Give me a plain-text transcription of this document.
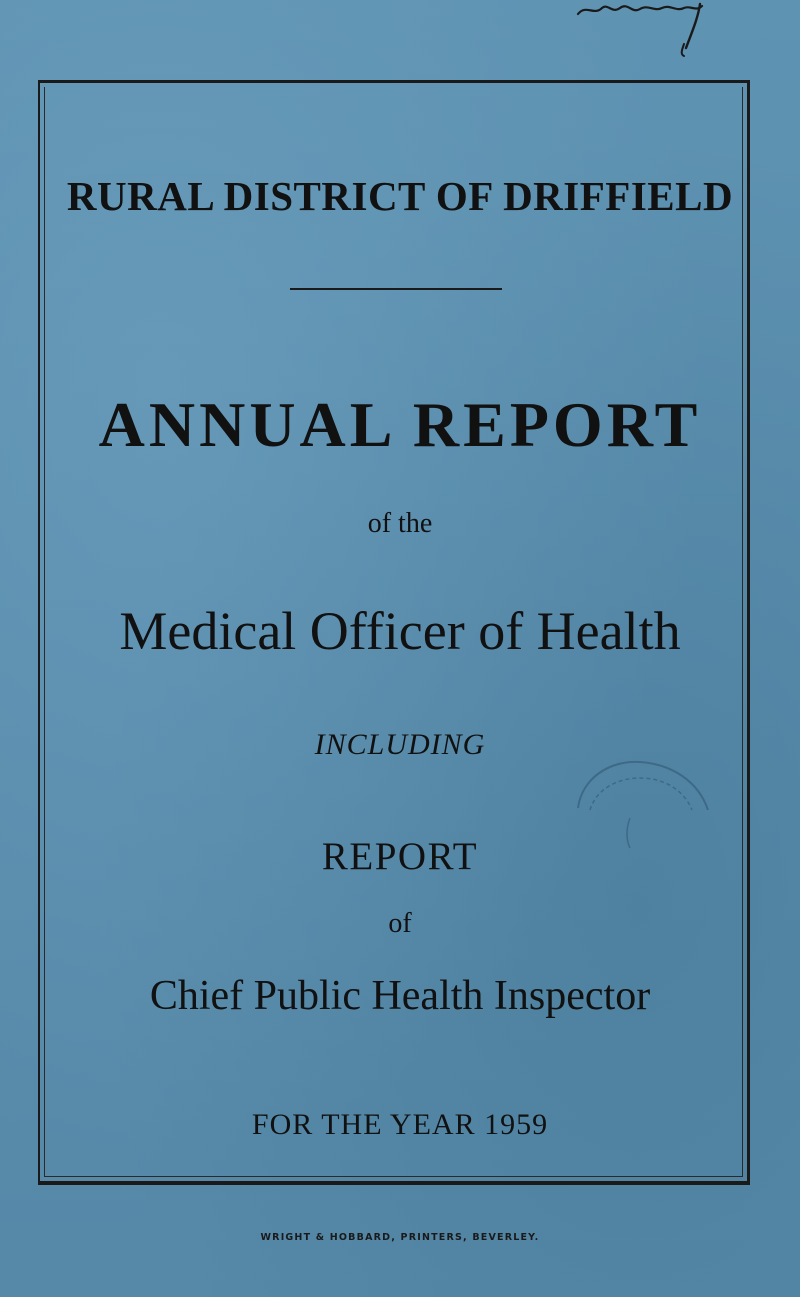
RURAL DISTRICT OF DRIFFIELD
ANNUAL REPORT

of the

Medical Officer of Health

INCLUDING

REPORT

of

Chief Public Health Inspector

FOR THE YEAR 1959

WRIGHT & HOBBARD, PRINTERS, BEVERLEY.
